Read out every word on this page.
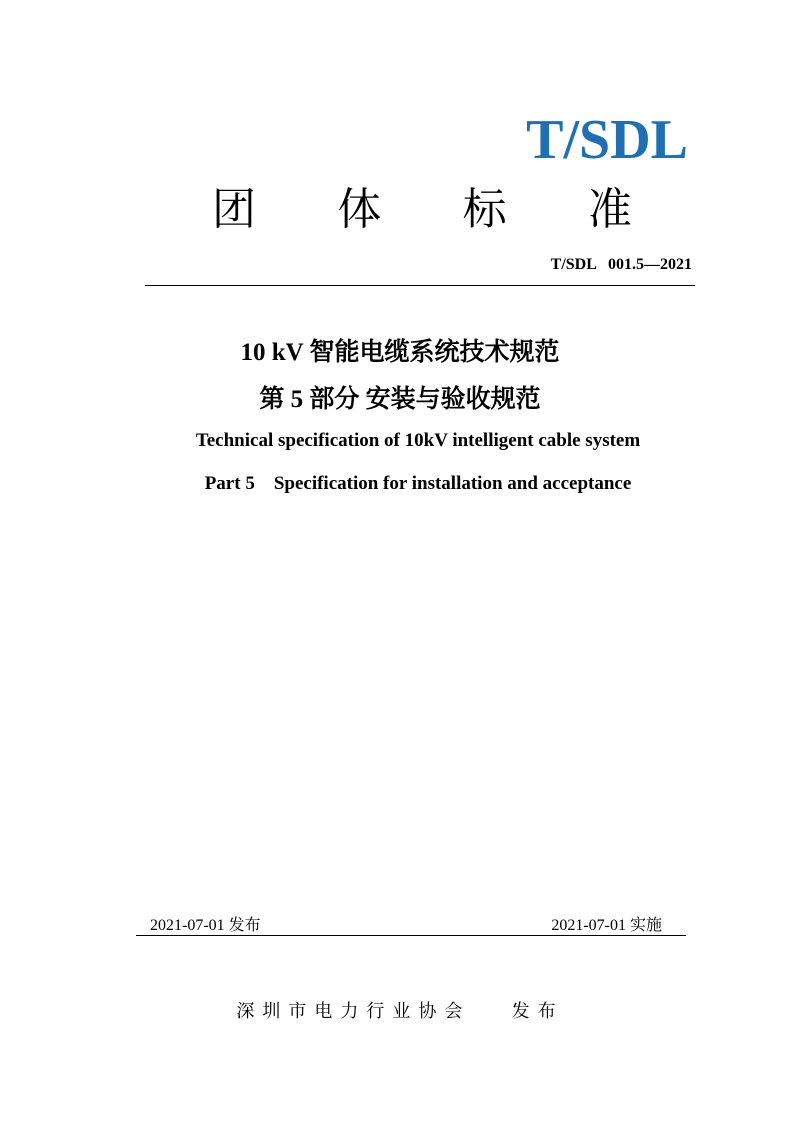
T/SDL
团 体 标 准
T/SDL   001.5—2021
10 kV 智能电缆系统技术规范
第 5 部分 安装与验收规范
Technical specification of 10kV intelligent cable system
Part 5    Specification for installation and acceptance
2021-07-01 发布	2021-07-01 实施
深圳市电力行业协会   发布
